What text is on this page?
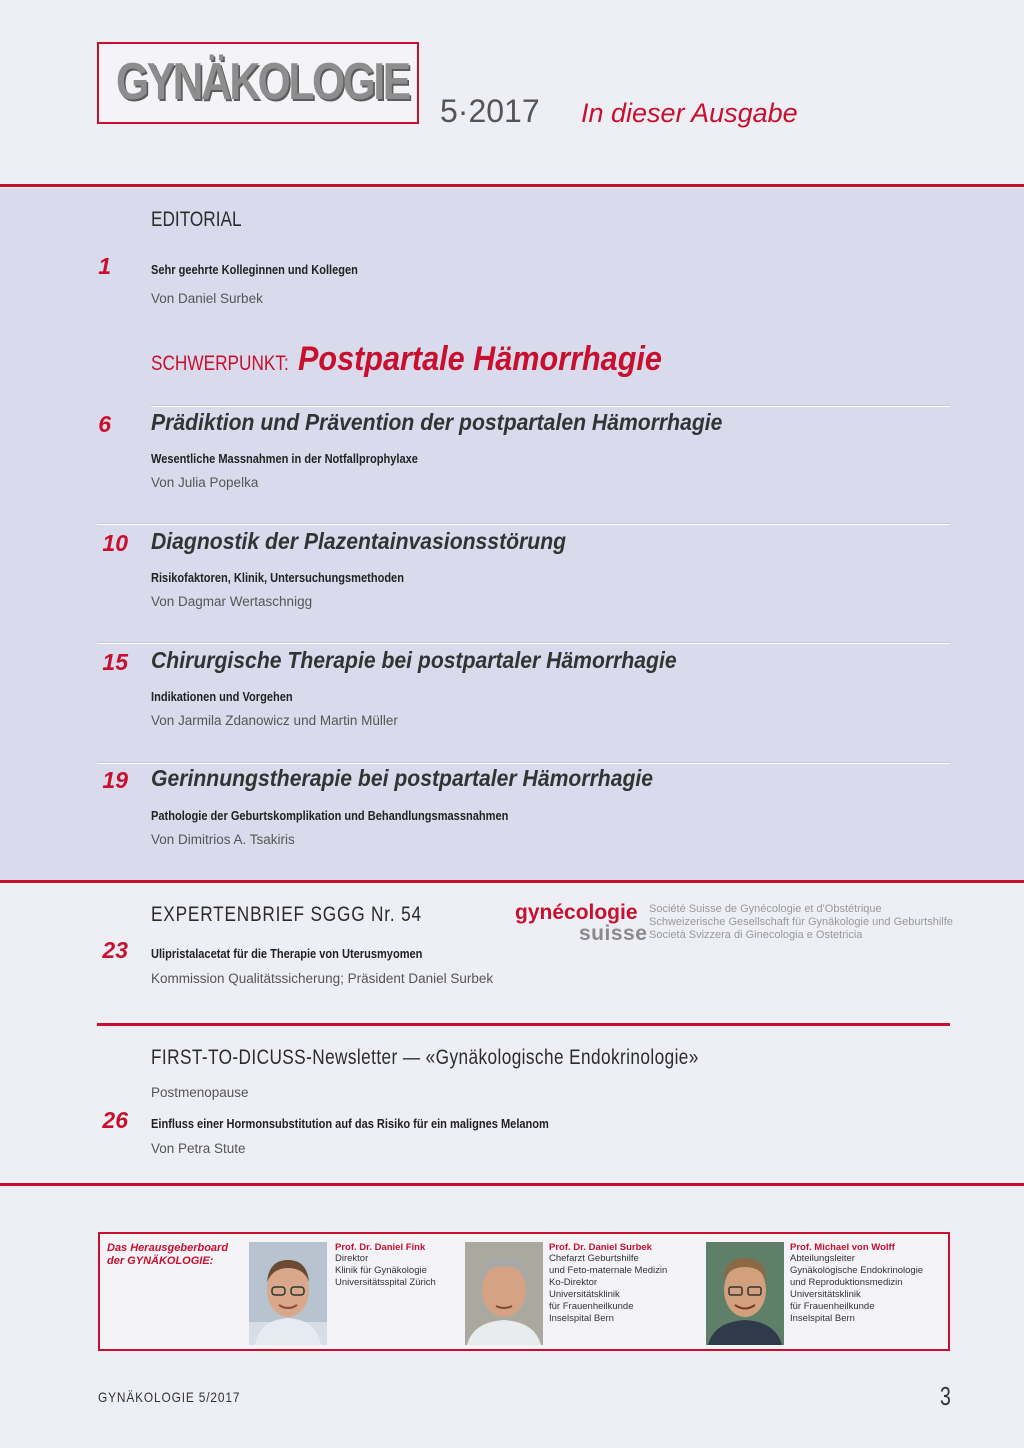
GYNÄKOLOGIE 5·2017 In dieser Ausgabe
EDITORIAL
1	Sehr geehrte Kolleginnen und Kollegen
Von Daniel Surbek
SCHWERPUNKT: Postpartale Hämorrhagie
6 Prädiktion und Prävention der postpartalen Hämorrhagie
Wesentliche Massnahmen in der Notfallprophylaxe
Von Julia Popelka
10 Diagnostik der Plazentainvasionsstörung
Risikofaktoren, Klinik, Untersuchungsmethoden
Von Dagmar Wertaschnigg
15 Chirurgische Therapie bei postpartaler Hämorrhagie
Indikationen und Vorgehen
Von Jarmila Zdanowicz und Martin Müller
19 Gerinnungstherapie bei postpartaler Hämorrhagie
Pathologie der Geburtskomplikation und Behandlungsmassnahmen
Von Dimitrios A. Tsakiris
EXPERTENBRIEF SGGG Nr. 54	gynécologie
suisse
Société Suisse de Gynécologie et d'Obstétrique
Schweizerische Gesellschaft für Gynäkologie und Geburtshilfe
Società Svizzera di Ginecologia e Ostetricia
23 Ulipristalacetat für die Therapie von Uterusmyomen
Kommission Qualitätssicherung; Präsident Daniel Surbek
FIRST-TO-DICUSS-Newsletter — «Gynäkologische Endokrinologie»
Postmenopause
26 Einfluss einer Hormonsubstitution auf das Risiko für ein malignes Melanom
Von Petra Stute
Das Herausgeberboard
der GYNÄKOLOGIE:
Prof. Dr. Daniel Fink
Direktor
Klinik für Gynäkologie
Universitätsspital Zürich
Prof. Dr. Daniel Surbek
Chefarzt Geburtshilfe
und Feto-maternale Medizin
Ko-Direktor
Universitätsklinik
für Frauenheilkunde
Inselspital Bern
Prof. Michael von Wolff
Abteilungsleiter
Gynäkologische Endokrinologie
und Reproduktionsmedizin
Universitätsklinik
für Frauenheilkunde
Inselspital Bern
GYNÄKOLOGIE 5/2017	3
